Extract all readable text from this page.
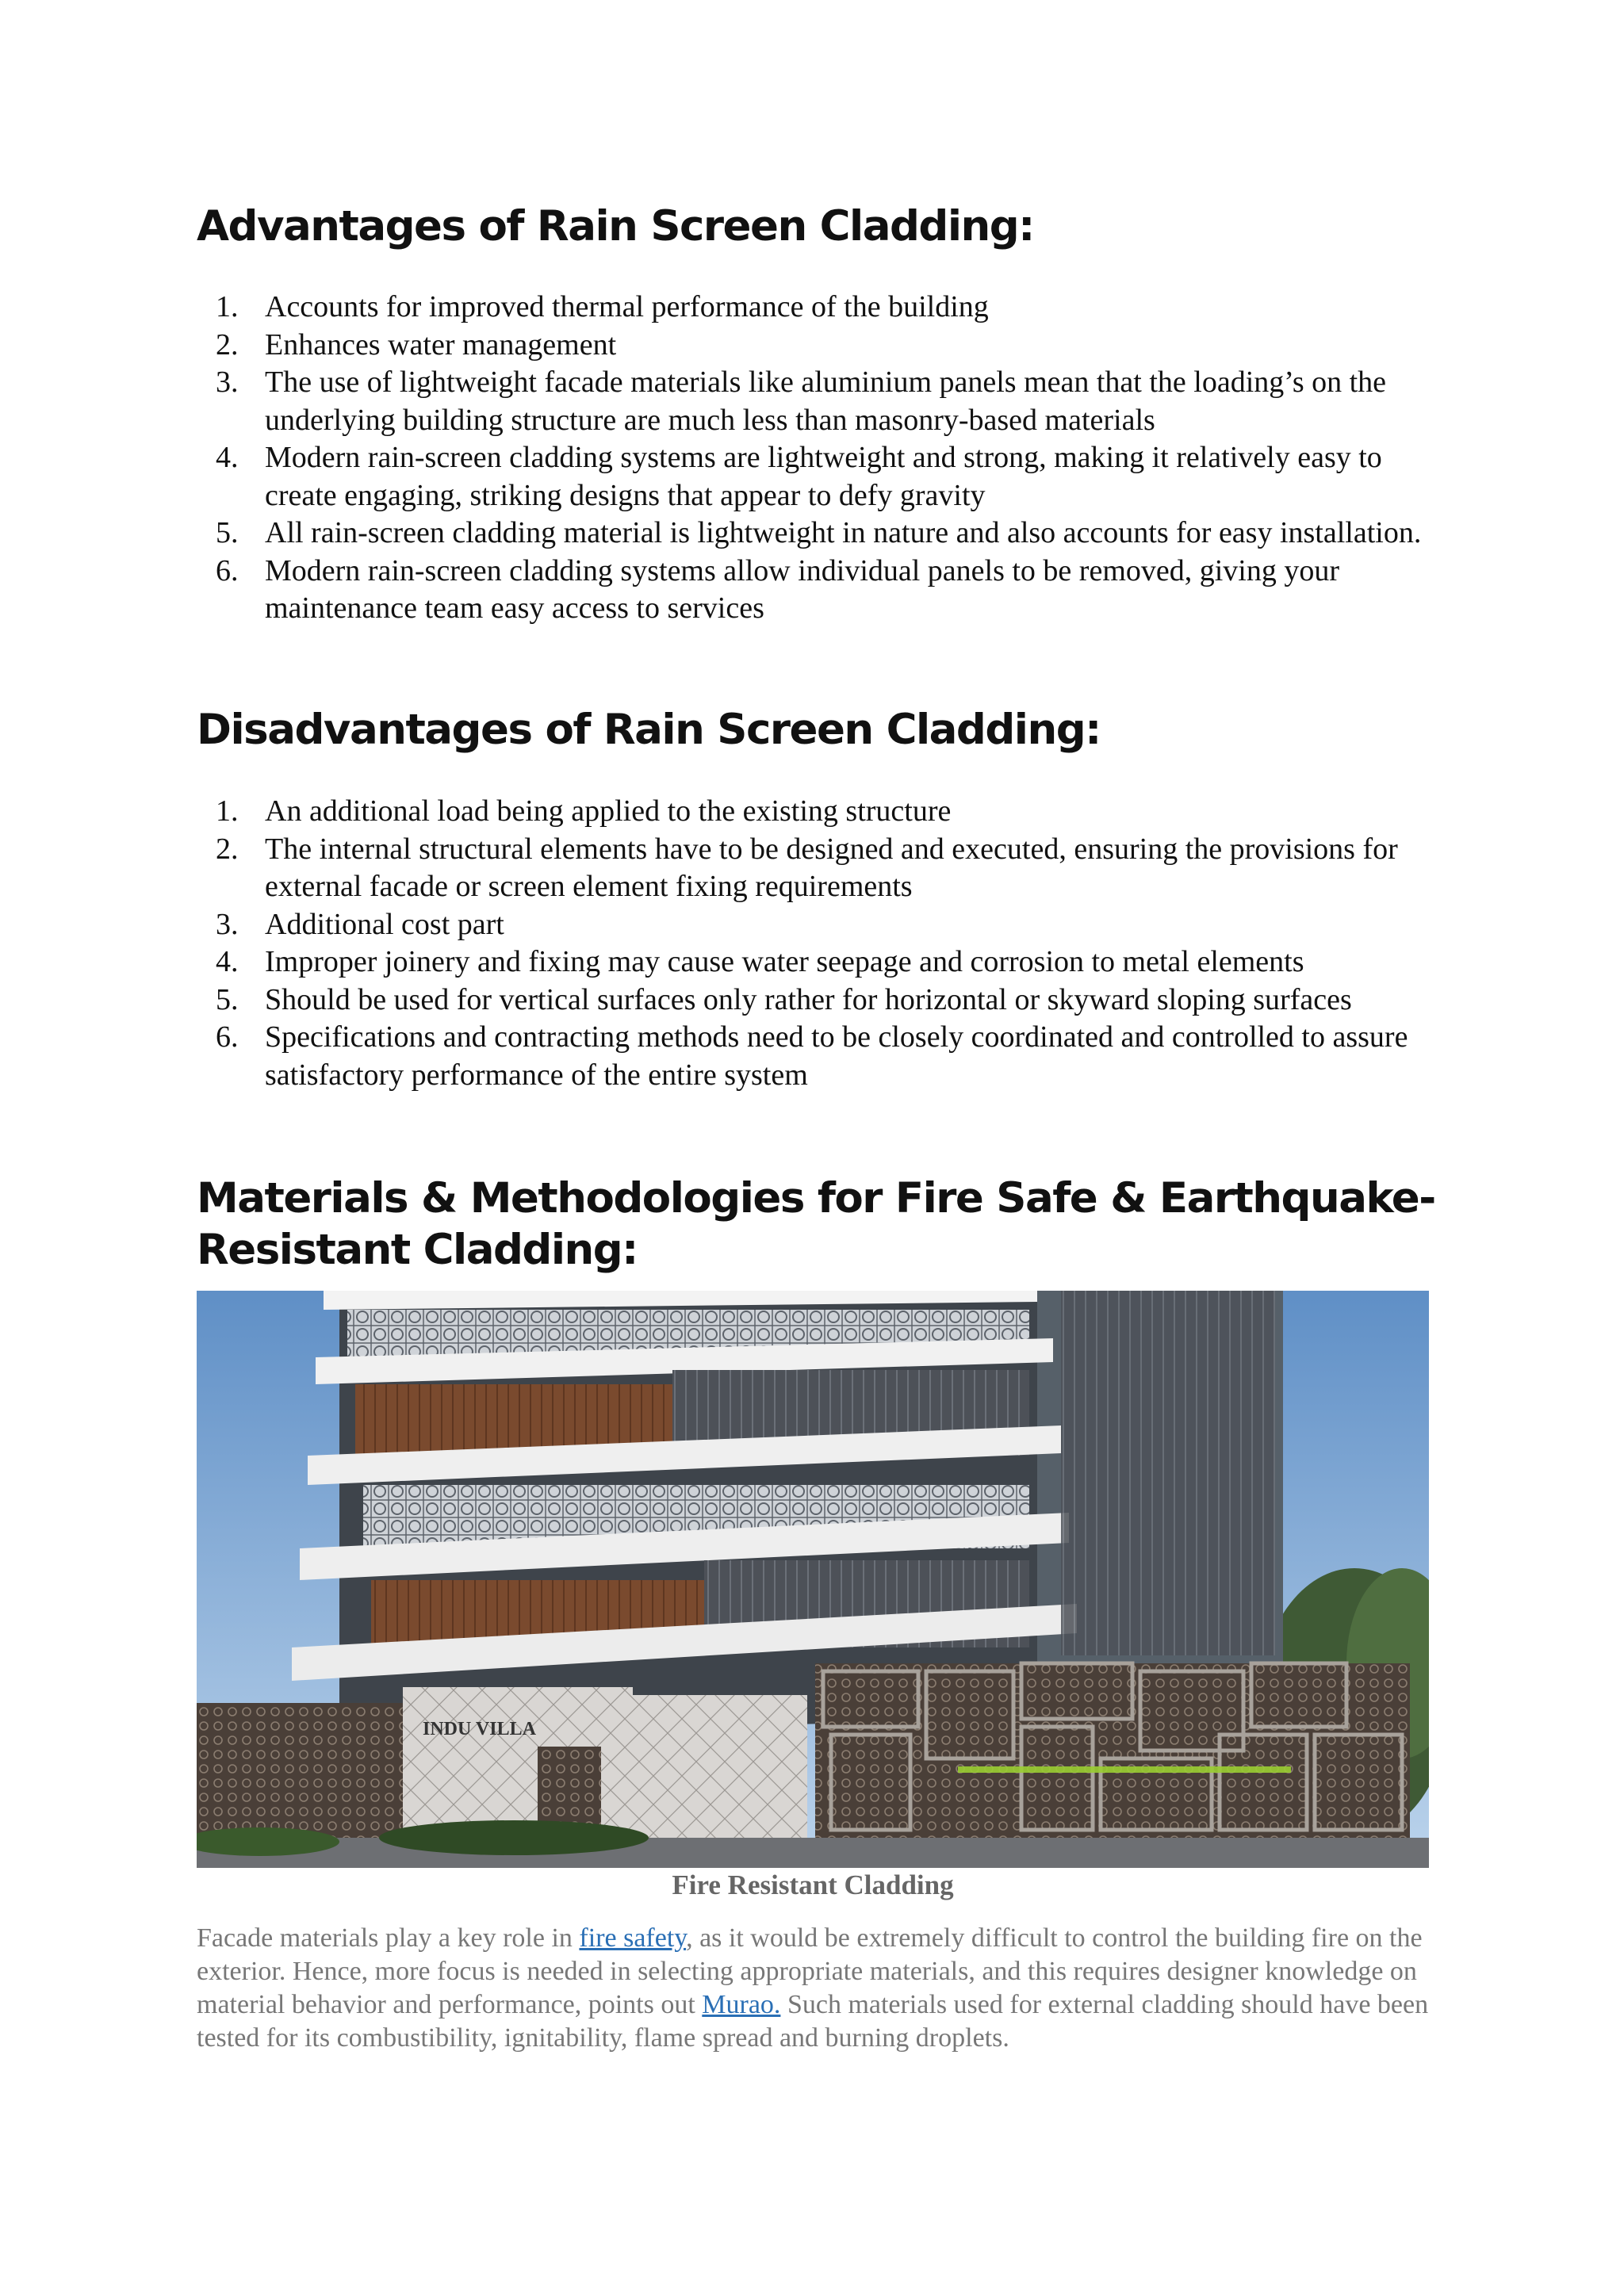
Advantages of Rain Screen Cladding:
1. Accounts for improved thermal performance of the building
2. Enhances water management
3. The use of lightweight facade materials like aluminium panels mean that the loading’s on the underlying building structure are much less than masonry-based materials
4. Modern rain-screen cladding systems are lightweight and strong, making it relatively easy to create engaging, striking designs that appear to defy gravity
5. All rain-screen cladding material is lightweight in nature and also accounts for easy installation.
6. Modern rain-screen cladding systems allow individual panels to be removed, giving your maintenance team easy access to services
Disadvantages of Rain Screen Cladding:
1. An additional load being applied to the existing structure
2. The internal structural elements have to be designed and executed, ensuring the provisions for external facade or screen element fixing requirements
3. Additional cost part
4. Improper joinery and fixing may cause water seepage and corrosion to metal elements
5. Should be used for vertical surfaces only rather for horizontal or skyward sloping surfaces
6. Specifications and contracting methods need to be closely coordinated and controlled to assure satisfactory performance of the entire system
Materials & Methodologies for Fire Safe & Earthquake-
Resistant Cladding:
INDU VILLA
Fire Resistant Cladding

Facade materials play a key role in fire safety, as it would be extremely difficult to control the building fire on the exterior. Hence, more focus is needed in selecting appropriate materials, and this requires designer knowledge on material behavior and performance, points out Murao. Such materials used for external cladding should have been tested for its combustibility, ignitability, flame spread and burning droplets.
